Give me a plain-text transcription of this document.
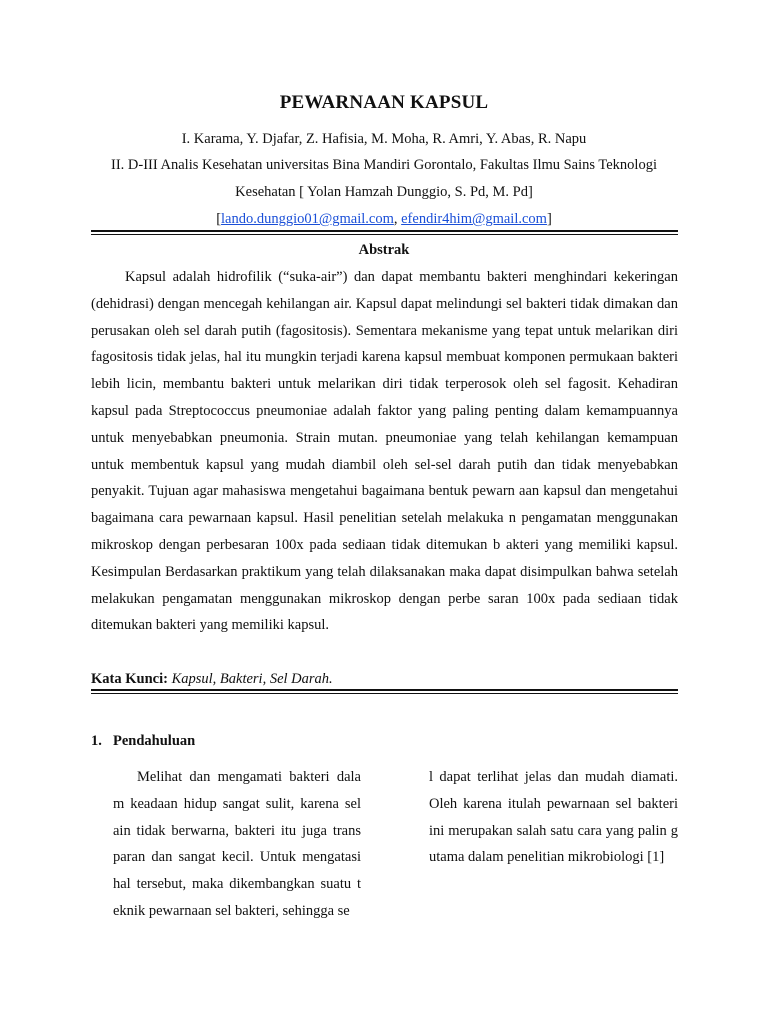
PEWARNAAN KAPSUL
I. Karama, Y. Djafar, Z. Hafisia, M. Moha, R. Amri, Y. Abas, R. Napu
II. D-III Analis Kesehatan universitas Bina Mandiri Gorontalo, Fakultas Ilmu Sains Teknologi
Kesehatan [ Yolan Hamzah Dunggio, S. Pd, M. Pd]
[lando.dunggio01@gmail.com, efendir4him@gmail.com]
Abstrak

Kapsul adalah hidrofilik (“suka-air”) dan dapat membantu bakteri menghindari kekeringan (dehidrasi) dengan mencegah kehilangan air. Kapsul dapat melindungi sel bakteri tidak dimakan dan perusakan oleh sel darah putih (fagositosis). Sementara mekanisme yang tepat untuk melarikan diri fagositosis tidak jelas, hal itu mungkin terjadi karena kapsul membuat komponen permukaan bakteri lebih licin, membantu bakteri untuk melarikan diri tidak terperosok oleh sel fagosit. Kehadiran kapsul pada Streptococcus pneumoniae adalah faktor yang paling penting dalam kemampuannya untuk menyebabkan pneumonia. Strain mutan. pneumoniae yang telah kehilangan kemampuan untuk membentuk kapsul yang mudah diambil oleh sel-sel darah putih dan tidak menyebabkan penyakit. Tujuan agar mahasiswa mengetahui bagaimana bentuk pewarn aan kapsul dan mengetahui bagaimana cara pewarnaan kapsul. Hasil penelitian setelah melakuka n pengamatan menggunakan mikroskop dengan perbesaran 100x pada sediaan tidak ditemukan b akteri yang memiliki kapsul. Kesimpulan Berdasarkan praktikum yang telah dilaksanakan maka dapat disimpulkan bahwa setelah melakukan pengamatan menggunakan mikroskop dengan perbe saran 100x pada sediaan tidak ditemukan bakteri yang memiliki kapsul.

Kata Kunci: Kapsul, Bakteri, Sel Darah.
1. Pendahuluan

Melihat dan mengamati bakteri dala m keadaan hidup sangat sulit, karena sel ain tidak berwarna, bakteri itu juga trans paran dan sangat kecil. Untuk mengatasi hal tersebut, maka dikembangkan suatu t eknik pewarnaan sel bakteri, sehingga se

l dapat terlihat jelas dan mudah diamati. Oleh karena itulah pewarnaan sel bakteri ini merupakan salah satu cara yang palin g utama dalam penelitian mikrobiologi [1]
